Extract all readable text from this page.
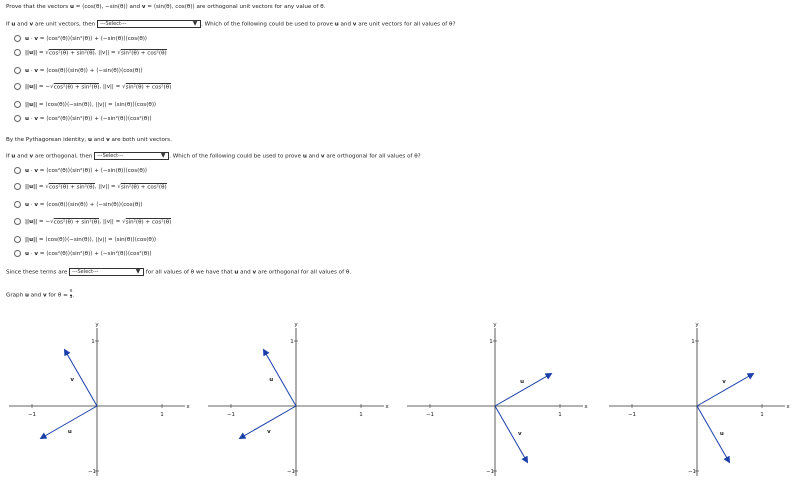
Prove that the vectors u = ⟨cos(θ), −sin(θ)⟩ and v = ⟨sin(θ), cos(θ)⟩ are orthogonal unit vectors for any value of θ.
If u and v are unit vectors, then ---Select---	▼ . Which of the following could be used to prove u and v are unit vectors for all values of θ?
u · v = ⟨cos²(θ)⟩⟨sin²(θ)⟩ + ⟨−sin(θ)⟩⟨cos(θ)⟩
||u|| = √cos²(θ) + sin²(θ), ||v|| = √sin²(θ) + cos²(θ)
u · v = ⟨cos(θ)⟩⟨sin(θ)⟩ + ⟨−sin(θ)⟩⟨cos(θ)⟩
||u|| = −√cos²(θ) + sin²(θ), ||v|| = √sin²(θ) + cos²(θ)
||u|| = ⟨cos(θ)⟩⟨−sin(θ)⟩, ||v|| = ⟨sin(θ)⟩⟨cos(θ)⟩
u · v = ⟨cos²(θ)⟩⟨sin²(θ)⟩ + ⟨−sin²(θ)⟩⟨cos²(θ)⟩
By the Pythagorean identity, u and v are both unit vectors.
If u and v are orthogonal, then ---Select---	▼ . Which of the following could be used to prove u and v are orthogonal for all values of θ?
u · v = ⟨cos²(θ)⟩⟨sin²(θ)⟩ + ⟨−sin(θ)⟩⟨cos(θ)⟩
||u|| = √cos²(θ) + sin²(θ), ||v|| = √sin²(θ) + cos²(θ)
u · v = ⟨cos(θ)⟩⟨sin(θ)⟩ + ⟨−sin(θ)⟩⟨cos(θ)⟩
||u|| = −√cos²(θ) + sin²(θ), ||v|| = √sin²(θ) + cos²(θ)
||u|| = ⟨cos(θ)⟩⟨−sin(θ)⟩, ||v|| = ⟨sin(θ)⟩⟨cos(θ)⟩
u · v = ⟨cos²(θ)⟩⟨sin²(θ)⟩ + ⟨−sin²(θ)⟩⟨cos²(θ)⟩
Since these terms are ---Select---	▼ for all values of θ we have that u and v are orthogonal for all values of θ.
Graph u and v for $\theta = \frac{\pi}{3}$.
1
−1
1
−1
x
y
u
v
1
−1
1
−1
x
y
u
v
1
−1
1
−1
x
y
u
v
1
−1
1
−1
x
y
u
v
